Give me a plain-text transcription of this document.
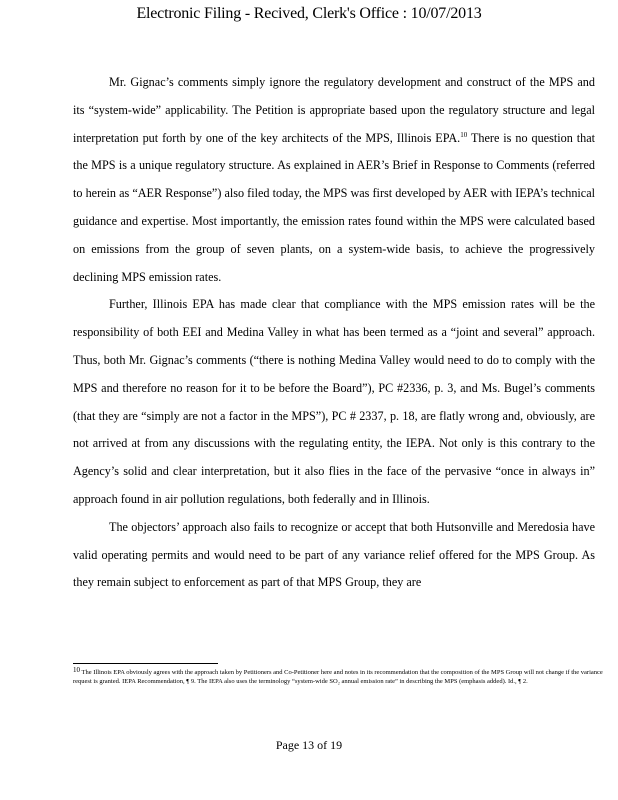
Electronic Filing - Recived, Clerk's Office : 10/07/2013

Mr. Gignac’s comments simply ignore the regulatory development and construct of the MPS and its “system-wide” applicability. The Petition is appropriate based upon the regulatory structure and legal interpretation put forth by one of the key architects of the MPS, Illinois EPA.$^{10}$ There is no question that the MPS is a unique regulatory structure. As explained in AER’s Brief in Response to Comments (referred to herein as “AER Response”) also filed today, the MPS was first developed by AER with IEPA’s technical guidance and expertise. Most importantly, the emission rates found within the MPS were calculated based on emissions from the group of seven plants, on a system-wide basis, to achieve the progressively declining MPS emission rates.

Further, Illinois EPA has made clear that compliance with the MPS emission rates will be the responsibility of both EEI and Medina Valley in what has been termed as a “joint and several” approach. Thus, both Mr. Gignac’s comments (“there is nothing Medina Valley would need to do to comply with the MPS and therefore no reason for it to be before the Board”), PC #2336, p. 3, and Ms. Bugel’s comments (that they are “simply are not a factor in the MPS”), PC # 2337, p. 18, are flatly wrong and, obviously, are not arrived at from any discussions with the regulating entity, the IEPA. Not only is this contrary to the Agency’s solid and clear interpretation, but it also flies in the face of the pervasive “once in always in” approach found in air pollution regulations, both federally and in Illinois.

The objectors’ approach also fails to recognize or accept that both Hutsonville and Meredosia have valid operating permits and would need to be part of any variance relief offered for the MPS Group. As they remain subject to enforcement as part of that MPS Group, they are

$^{10}$ The Illinois EPA obviously agrees with the approach taken by Petitioners and Co-Petitioner here and notes in its recommendation that the composition of the MPS Group will not change if the variance request is granted. IEPA Recommendation, ¶ 9. The IEPA also uses the terminology “system-wide SO₂ annual emission rate” in describing the MPS (emphasis added). Id., ¶ 2.
Page 13 of 19
